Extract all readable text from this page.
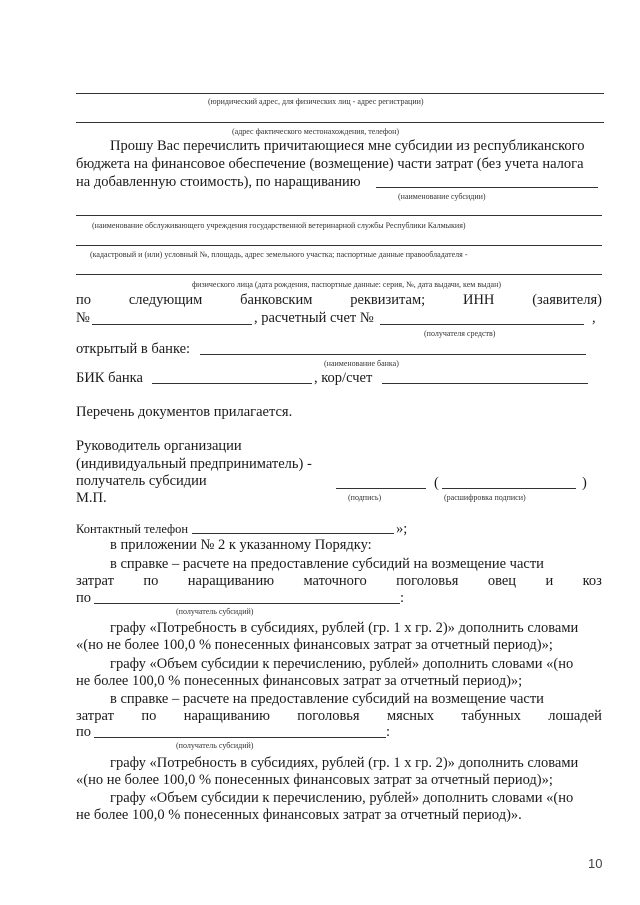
(юридический адрес, для физических лиц - адрес регистрации)
(адрес фактического местонахождения, телефон)
Прошу Вас перечислить причитающиеся мне субсидии из республиканского
бюджета на финансовое обеспечение (возмещение) части затрат (без учета налога
на добавленную стоимость), по наращиванию
(наименование субсидии)
(наименование обслуживающего учреждения государственной ветеринарной службы Республики Калмыкия)
(кадастровый и (или) условный №, площадь, адрес земельного участка; паспортные данные правообладателя -
физического лица (дата рождения, паспортные данные: серия, №, дата выдачи, кем выдан)
по	следующим	банковским	реквизитам;	ИНН	(заявителя)
№	, расчетный счет №	,
(получателя средств)
открытый в банке:
(наименование банка)
БИК банка	, кор/счет
Перечень документов прилагается.
Руководитель организации
(индивидуальный предприниматель) -
получатель субсидии
М.П.
(	)
(подпись)	(расшифровка подписи)
Контактный телефон	»;
в приложении № 2 к указанному Порядку:
в справке – расчете на предоставление субсидий на возмещение части
затрат по наращиванию маточного поголовья овец и коз
по	:
(получатель субсидий)
графу «Потребность в субсидиях, рублей (гр. 1 х гр. 2)» дополнить словами
«(но не более 100,0 % понесенных финансовых затрат за отчетный период)»;
графу «Объем субсидии к перечислению, рублей» дополнить словами «(но
не более 100,0 % понесенных финансовых затрат за отчетный период)»;
в справке – расчете на предоставление субсидий на возмещение части
затрат по наращиванию поголовья мясных табунных лошадей
по	:
(получатель субсидий)
графу «Потребность в субсидиях, рублей (гр. 1 х гр. 2)» дополнить словами
«(но не более 100,0 % понесенных финансовых затрат за отчетный период)»;
графу «Объем субсидии к перечислению, рублей» дополнить словами «(но
не более 100,0 % понесенных финансовых затрат за отчетный период)».
10
